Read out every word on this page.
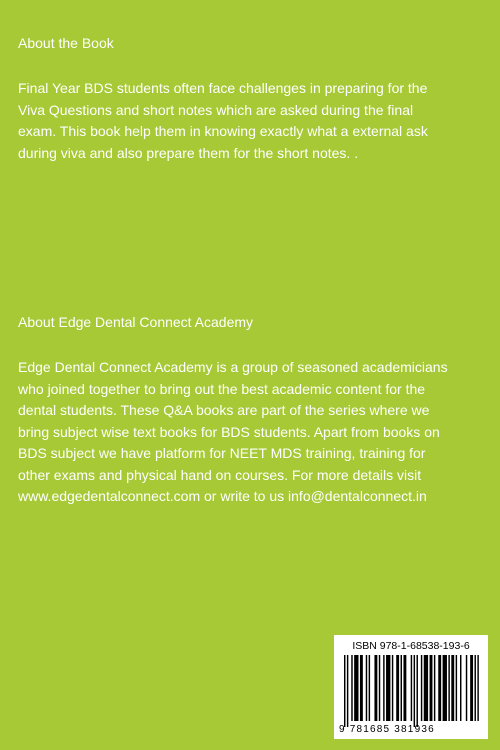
About the Book
Final Year BDS students often face challenges in preparing for the
Viva Questions and short notes which are asked during the final
exam. This book help them in knowing exactly what a external ask
during viva and also prepare them for the short notes. .
About Edge Dental Connect Academy
Edge Dental Connect Academy is a group of seasoned academicians
who joined together to bring out the best academic content for the
dental students. These Q&A books are part of the series where we
bring subject wise text books for BDS students. Apart from books on
BDS subject we have platform for NEET MDS training, training for
other exams and physical hand on courses. For more details visit
www.edgedentalconnect.com or write to us info@dentalconnect.in
ISBN 978-1-68538-193-6
9 781685 381936
